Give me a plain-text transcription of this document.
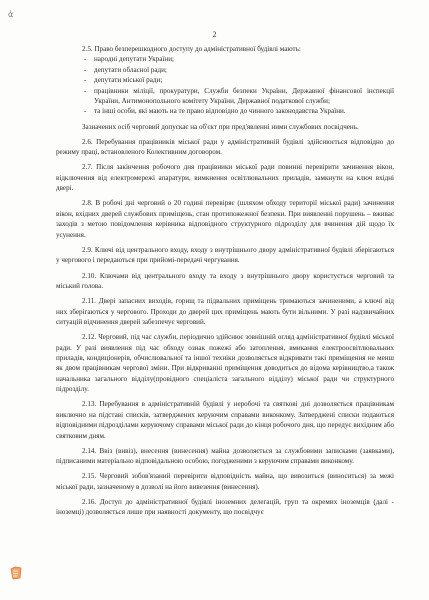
ἀ
2

2.5. Право безперешкодного доступу до адміністративної будівлі мають:

- народні депутати України;
- депутати обласної ради;
- депутати міської ради;
- працівники міліції, прокуратури, Служби безпеки України, Державної фінансової інспекції України, Антимонопольного комітету України, Державної податкової служби;
- та інші особи, які мають на те право відповідно до чинного законодавства України.

Зазначених осіб черговий допускає на об'єкт при пред'явленні ними службових посвідчень.

2.6. Перебування працівників міської ради у адміністративній будівлі здійснюється відповідно до режиму праці, встановленого Колективним договором.

2.7. Після закінчення робочого дня працівники міської ради повинні перевірити зачинення вікон, відключення від електромережі апаратури, вимкнення освітлювальних приладів, замкнути на ключ вхідні двері.

2.8. В робочі дні черговий о 20 годині перевіряє (шляхом обходу території міської ради) зачинення вікон, вхідних дверей службових приміщень, стан протипожежної безпеки. При виявленні порушень – вживає заходів з метою повідомлення керівника відповідного структурного підрозділу для вчинення дій щодо їх усунення.

2.9. Ключі від центрального входу, входу з внутрішнього двору адміністративної будівлі зберігаються у чергового і передаються при прийомі-передачі чергування.

2.10. Ключами від центрального входу та входу з внутрішнього двору користується черговий та міський голова.

2.11. Двері запасних виходів, горищ та підвальних приміщень тримаються зачиненими, а ключі від них зберігаються у чергового. Проходи до дверей цих приміщень мають бути вільними. У разі надзвичайних ситуацій відчинення дверей забезпечує черговий.

2.12. Черговий, під час служби, періодично здійснює зовнішній огляд адміністративної будівлі міської ради. У разі виявлення під час обходу ознак пожежі або затоплення, вмикання електроосвітлювальних приладів, кондиціонерів, обчислювальної та іншої техніки дозволяється відкривати такі приміщення не менш як двом працівникам чергової зміни. При відкриванні приміщення доводиться до відома керівництво,а також начальника загального відділу(провідного спеціаліста загального відділу) міської ради чи структурного підрозділу.

2.13. Перебування в адміністративній будівлі у неробочі та святкові дні дозволяється працівникам виключно на підставі списків, затверджених керуючим справами виконкому. Затверджені списки подаються відповідними підрозділами керуючому справами міської ради до кінця робочого дня, що передує вихідним або святковим дням.

2.14. Ввіз (вивіз), внесення (винесення) майна дозволяється за службовими записками (заявками), підписаними матеріально відповідальною особою, погодженими з керуючим справами виконкому.

2.15. Черговий зобов'язаний перевірити відповідність майна, що вивозиться (виноситься) за межі міської ради, зазначеному в дозволі на його вивезення (винесення).

2.16. Доступ до адміністративної будівлі іноземних делегацій, груп та окремих іноземців (далі - іноземці) дозволяється лише при наявності документу, що посвідчує
